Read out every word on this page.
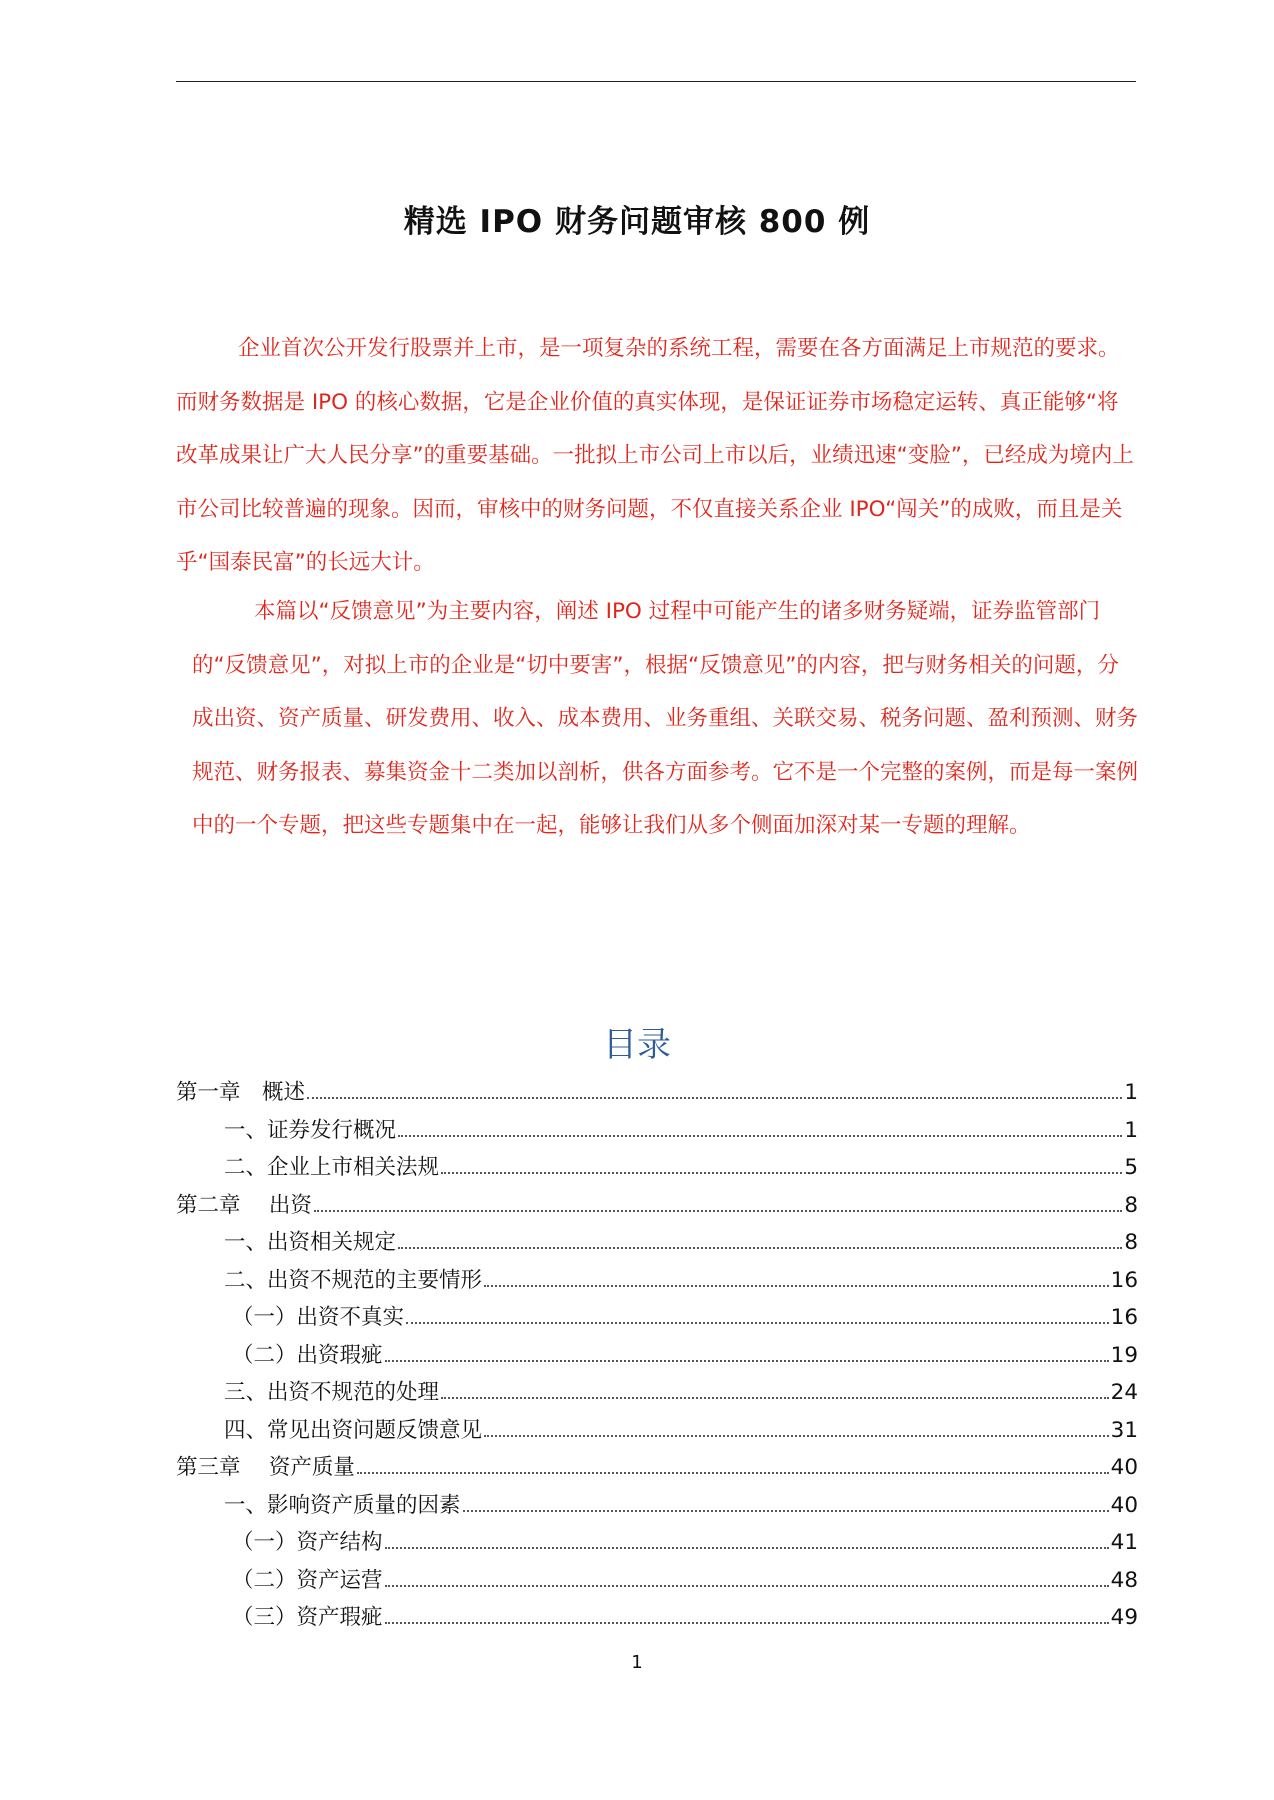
精选 IPO 财务问题审核 800 例

企业首次公开发行股票并上市，是一项复杂的系统工程，需要在各方面满足上市规范的要求。而财务数据是 IPO 的核心数据，它是企业价值的真实体现，是保证证券市场稳定运转、真正能够“将改革成果让广大人民分享”的重要基础。一批拟上市公司上市以后，业绩迅速“变脸”，已经成为境内上市公司比较普遍的现象。因而，审核中的财务问题，不仅直接关系企业 IPO“闯关”的成败，而且是关乎“国泰民富”的长远大计。

本篇以“反馈意见”为主要内容，阐述 IPO 过程中可能产生的诸多财务疑端，证券监管部门的“反馈意见”，对拟上市的企业是“切中要害”，根据“反馈意见”的内容，把与财务相关的问题，分成出资、资产质量、研发费用、收入、成本费用、业务重组、关联交易、税务问题、盈利预测、财务规范、财务报表、募集资金十二类加以剖析，供各方面参考。它不是一个完整的案例，而是每一案例中的一个专题，把这些专题集中在一起，能够让我们从多个侧面加深对某一专题的理解。

目录
第一章　概述	1
一、证券发行概况	1
二、企业上市相关法规	5
第二章　 出资	8
一、出资相关规定	8
二、出资不规范的主要情形	16
（一）出资不真实	16
（二）出资瑕疵	19
三、出资不规范的处理	24
四、常见出资问题反馈意见	31
第三章　 资产质量	40
一、影响资产质量的因素	40
（一）资产结构	41
（二）资产运营	48
（三）资产瑕疵	49
1
